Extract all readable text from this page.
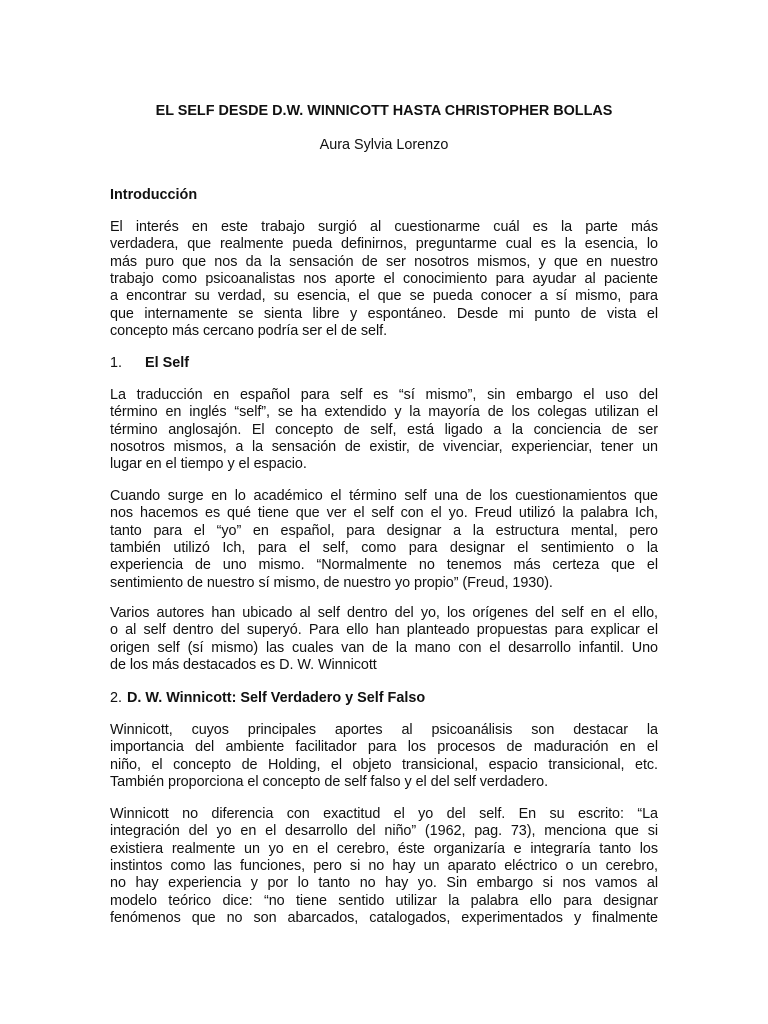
EL SELF DESDE D.W. WINNICOTT HASTA CHRISTOPHER BOLLAS
Aura Sylvia Lorenzo
Introducción
El interés en este trabajo surgió al cuestionarme cuál es la parte más
verdadera, que realmente pueda definirnos, preguntarme cual es la esencia, lo
más puro que nos da la sensación de ser nosotros mismos, y que en nuestro
trabajo como psicoanalistas nos aporte el conocimiento para ayudar al paciente
a encontrar su verdad, su esencia, el que se pueda conocer a sí mismo, para
que internamente se sienta libre y espontáneo. Desde mi punto de vista el
concepto más cercano podría ser el de self.
1. El Self
La traducción en español para self es “sí mismo”, sin embargo el uso del
término en inglés “self”, se ha extendido y la mayoría de los colegas utilizan el
término anglosajón. El concepto de self, está ligado a la conciencia de ser
nosotros mismos, a la sensación de existir, de vivenciar, experienciar, tener un
lugar en el tiempo y el espacio.
Cuando surge en lo académico el término self una de los cuestionamientos que
nos hacemos es qué tiene que ver el self con el yo. Freud utilizó la palabra Ich,
tanto para el “yo” en español, para designar a la estructura mental, pero
también utilizó Ich, para el self, como para designar el sentimiento o la
experiencia de uno mismo. “Normalmente no tenemos más certeza que el
sentimiento de nuestro sí mismo, de nuestro yo propio” (Freud, 1930).
Varios autores han ubicado al self dentro del yo, los orígenes del self en el ello,
o al self dentro del superyó. Para ello han planteado propuestas para explicar el
origen self (sí mismo) las cuales van de la mano con el desarrollo infantil. Uno
de los más destacados es D. W. Winnicott
2. D. W. Winnicott: Self Verdadero y Self Falso
Winnicott, cuyos principales aportes al psicoanálisis son destacar la
importancia del ambiente facilitador para los procesos de maduración en el
niño, el concepto de Holding, el objeto transicional, espacio transicional, etc.
También proporciona el concepto de self falso y el del self verdadero.
Winnicott no diferencia con exactitud el yo del self. En su escrito: “La
integración del yo en el desarrollo del niño” (1962, pag. 73), menciona que si
existiera realmente un yo en el cerebro, éste organizaría e integraría tanto los
instintos como las funciones, pero si no hay un aparato eléctrico o un cerebro,
no hay experiencia y por lo tanto no hay yo. Sin embargo si nos vamos al
modelo teórico dice: “no tiene sentido utilizar la palabra ello para designar
fenómenos que no son abarcados, catalogados, experimentados y finalmente
